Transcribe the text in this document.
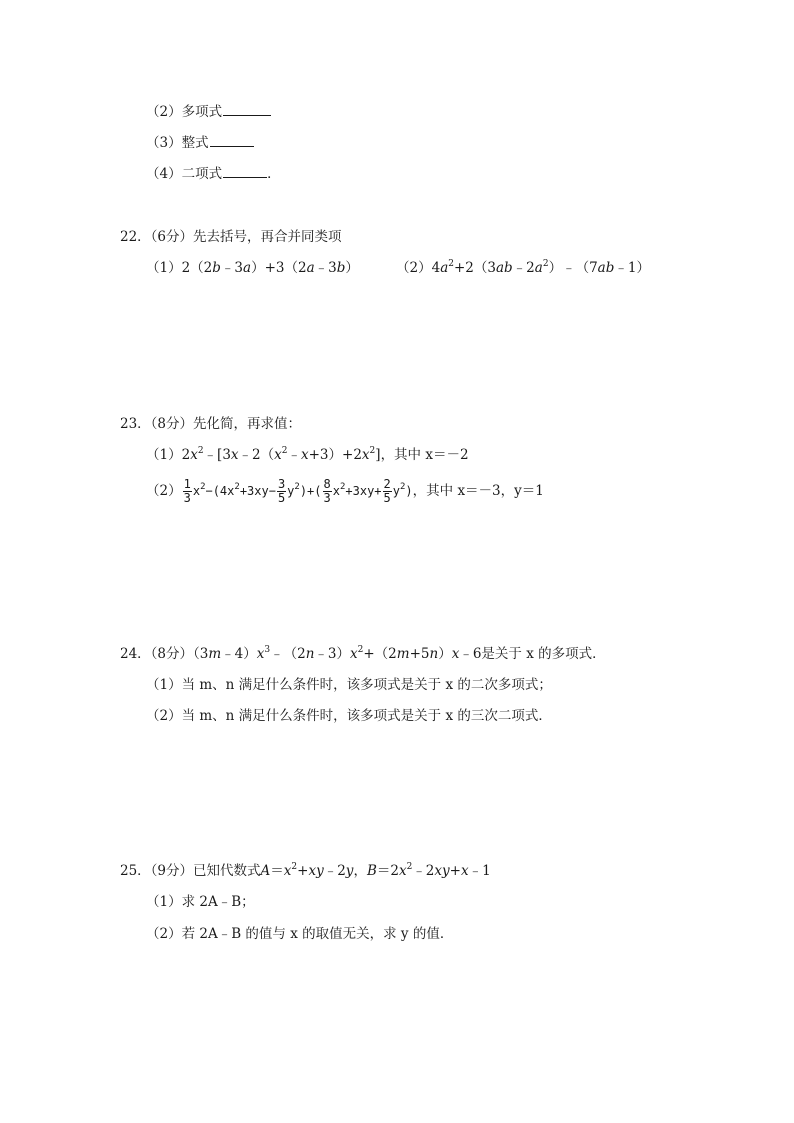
（2）多项式
（3）整式
（4）二项式	．
22．（6分）先去括号，再合并同类项
（1）2（2b﹣3a）+3（2a﹣3b）	$(2)4a^2+2(3ab﹣2a^2)﹣(7ab﹣1)$
23．（8分）先化简，再求值：
$(1)2x^2﹣[3x﹣2(x^2﹣x+3)+2x^2]$，其中 x＝－2
$(2) \frac{1}{3} x^2-(4x^2+3xy- \frac{3}{5} y^2)+( \frac{8}{3} x^2+3xy+ \frac{2}{5} y^2)$，其中 x＝－3，y＝1
24．（8分）$(3m﹣4)x^3﹣(2n﹣3)x^2+(2m+5n)x﹣6$是关于 x 的多项式．
（1）当 m、n 满足什么条件时，该多项式是关于 x 的二次多项式；
（2）当 m、n 满足什么条件时，该多项式是关于 x 的三次二项式．
25．（9分）已知代数式$A=x^2+xy﹣2y$，$B=2x^2﹣2xy+x﹣1$
（1）求 2A﹣B；
（2）若 2A﹣B 的值与 x 的取值无关，求 y 的值．
